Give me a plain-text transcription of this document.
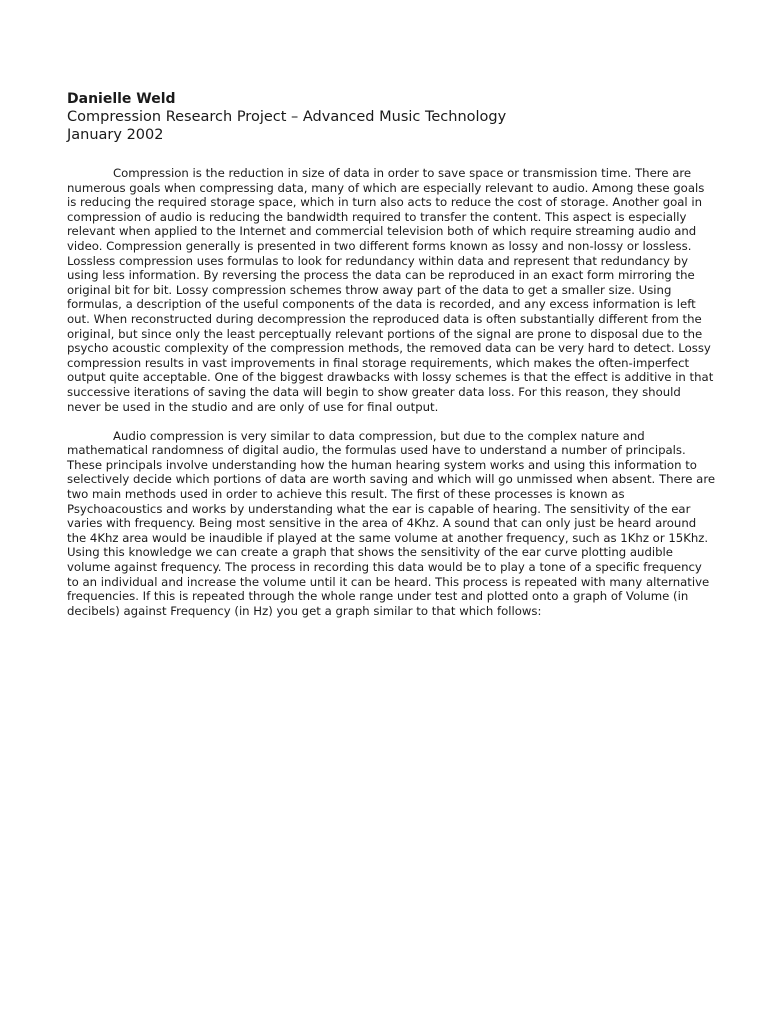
Danielle Weld

Compression Research Project – Advanced Music Technology

January 2002

Compression is the reduction in size of data in order to save space or transmission time. There are numerous goals when compressing data, many of which are especially relevant to audio. Among these goals is reducing the required storage space, which in turn also acts to reduce the cost of storage. Another goal in compression of audio is reducing the bandwidth required to transfer the content. This aspect is especially relevant when applied to the Internet and commercial television both of which require streaming audio and video. Compression generally is presented in two different forms known as lossy and non-lossy or lossless. Lossless compression uses formulas to look for redundancy within data and represent that redundancy by using less information. By reversing the process the data can be reproduced in an exact form mirroring the original bit for bit. Lossy compression schemes throw away part of the data to get a smaller size. Using formulas, a description of the useful components of the data is recorded, and any excess information is left out. When reconstructed during decompression the reproduced data is often substantially different from the original, but since only the least perceptually relevant portions of the signal are prone to disposal due to the psycho acoustic complexity of the compression methods, the removed data can be very hard to detect. Lossy compression results in vast improvements in final storage requirements, which makes the often-imperfect output quite acceptable. One of the biggest drawbacks with lossy schemes is that the effect is additive in that successive iterations of saving the data will begin to show greater data loss. For this reason, they should never be used in the studio and are only of use for final output.

Audio compression is very similar to data compression, but due to the complex nature and mathematical randomness of digital audio, the formulas used have to understand a number of principals. These principals involve understanding how the human hearing system works and using this information to selectively decide which portions of data are worth saving and which will go unmissed when absent. There are two main methods used in order to achieve this result. The first of these processes is known as Psychoacoustics and works by understanding what the ear is capable of hearing. The sensitivity of the ear varies with frequency. Being most sensitive in the area of 4Khz. A sound that can only just be heard around the 4Khz area would be inaudible if played at the same volume at another frequency, such as 1Khz or 15Khz. Using this knowledge we can create a graph that shows the sensitivity of the ear curve plotting audible volume against frequency. The process in recording this data would be to play a tone of a specific frequency to an individual and increase the volume until it can be heard. This process is repeated with many alternative frequencies. If this is repeated through the whole range under test and plotted onto a graph of Volume (in decibels) against Frequency (in Hz) you get a graph similar to that which follows:
